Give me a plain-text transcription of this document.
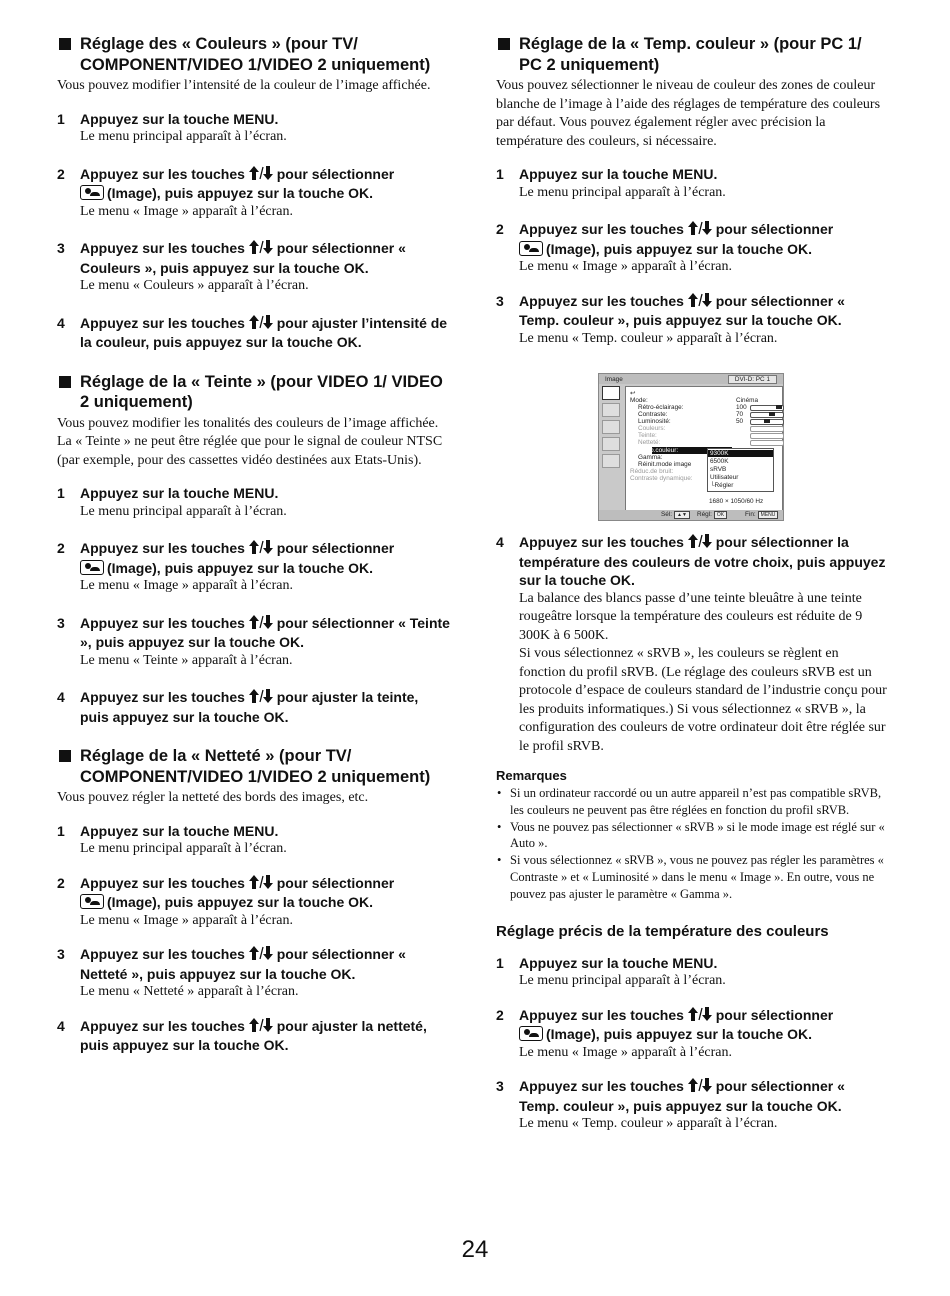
Réglage des « Couleurs » (pour TV/ COMPONENT/VIDEO 1/VIDEO 2 uniquement)

Vous pouvez modifier l’intensité de la couleur de l’image affichée.

1 Appuyez sur la touche MENU.
Le menu principal apparaît à l’écran.
2 Appuyez sur les touches  pour sélectionner
(Image), puis appuyez sur la touche OK.
Le menu « Image » apparaît à l’écran.
3 Appuyez sur les touches  pour sélectionner « Couleurs », puis appuyez sur la touche OK.
Le menu « Couleurs » apparaît à l’écran.
4 Appuyez sur les touches  pour ajuster l’intensité de la couleur, puis appuyez sur la touche OK.
Réglage de la « Teinte » (pour VIDEO 1/ VIDEO 2 uniquement)

Vous pouvez modifier les tonalités des couleurs de l’image affichée. La « Teinte » ne peut être réglée que pour le signal de couleur NTSC (par exemple, pour des cassettes vidéo destinées aux Etats-Unis).

1 Appuyez sur la touche MENU.
Le menu principal apparaît à l’écran.
2 Appuyez sur les touches  pour sélectionner
(Image), puis appuyez sur la touche OK.
Le menu « Image » apparaît à l’écran.
3 Appuyez sur les touches  pour sélectionner « Teinte », puis appuyez sur la touche OK.
Le menu « Teinte » apparaît à l’écran.
4 Appuyez sur les touches  pour ajuster la teinte, puis appuyez sur la touche OK.
Réglage de la « Netteté » (pour TV/ COMPONENT/VIDEO 1/VIDEO 2 uniquement)

Vous pouvez régler la netteté des bords des images, etc.

1 Appuyez sur la touche MENU.
Le menu principal apparaît à l’écran.
2 Appuyez sur les touches  pour sélectionner
(Image), puis appuyez sur la touche OK.
Le menu « Image » apparaît à l’écran.
3 Appuyez sur les touches  pour sélectionner « Netteté », puis appuyez sur la touche OK.
Le menu « Netteté » apparaît à l’écran.
4 Appuyez sur les touches  pour ajuster la netteté, puis appuyez sur la touche OK.
Réglage de la « Temp. couleur » (pour PC 1/ PC 2 uniquement)

Vous pouvez sélectionner le niveau de couleur des zones de couleur blanche de l’image à l’aide des réglages de température des couleurs par défaut. Vous pouvez également régler avec précision la température des couleurs, si nécessaire.

1 Appuyez sur la touche MENU.
Le menu principal apparaît à l’écran.
2 Appuyez sur les touches  pour sélectionner
(Image), puis appuyez sur la touche OK.
Le menu « Image » apparaît à l’écran.
3 Appuyez sur les touches  pour sélectionner « Temp. couleur », puis appuyez sur la touche OK.
Le menu « Temp. couleur » apparaît à l’écran.
4 Appuyez sur les touches  pour sélectionner la température des couleurs de votre choix, puis appuyez sur la touche OK.
La balance des blancs passe d’une teinte bleuâtre à une teinte rougeâtre lorsque la température des couleurs est réduite de 9 300K à 6 500K.
Si vous sélectionnez « sRVB », les couleurs se règlent en fonction du profil sRVB. (Le réglage des couleurs sRVB est un protocole d’espace de couleurs standard de l’industrie conçu pour les produits informatiques.) Si vous sélectionnez « sRVB », la configuration des couleurs de votre ordinateur doit être réglée sur le profil sRVB.
Remarques
• Si un ordinateur raccordé ou un autre appareil n’est pas compatible sRVB, les couleurs ne peuvent pas être réglées en fonction du profil sRVB.
• Vous ne pouvez pas sélectionner « sRVB » si le mode image est réglé sur « Auto ».
• Si vous sélectionnez « sRVB », vous ne pouvez pas régler les paramètres « Contraste » et « Luminosité » dans le menu « Image ». En outre, vous ne pouvez pas ajuster le paramètre « Gamma ».
Réglage précis de la température des couleurs
1 Appuyez sur la touche MENU.
Le menu principal apparaît à l’écran.
2 Appuyez sur les touches  pour sélectionner
(Image), puis appuyez sur la touche OK.
Le menu « Image » apparaît à l’écran.
3 Appuyez sur les touches  pour sélectionner « Temp. couleur », puis appuyez sur la touche OK.
Le menu « Temp. couleur » apparaît à l’écran.
Image	DVI-D: PC 1
↩
Mode:	Cinéma
Rétro-éclairage:	100
Contraste:	70
Luminosité:	50
Couleurs:
Teinte:
Netteté:
Temp.couleur:
Gamma:
Réinit.mode image
Réduc.de bruit:
Contraste dynamique:
9300K
6500K
sRVB
Utilisateur
└Régler
1680 × 1050/60 Hz
Sél: ▲▼	Régl: OK	Fin: MENU
24
